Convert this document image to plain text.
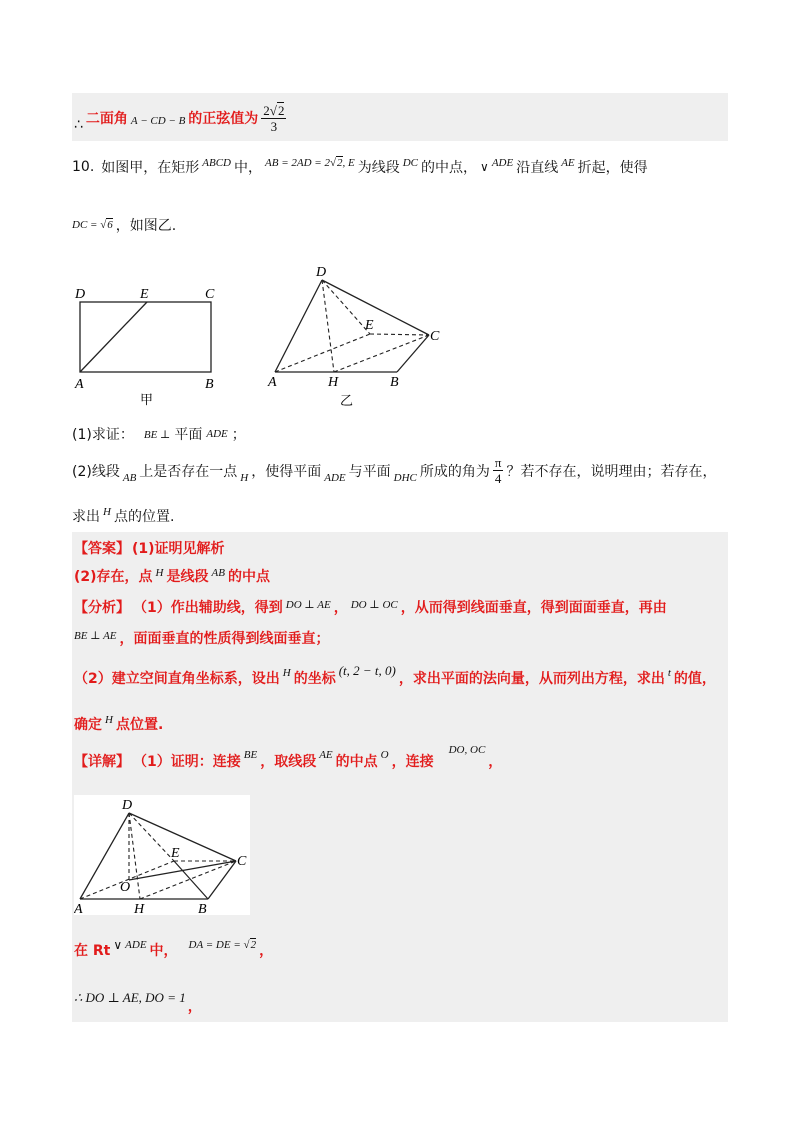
∴ 二面角 A − CD − B 的正弦值为 $\frac{2√2}{3}$
10. 如图甲，在矩形 ABCD 中， AB = 2AD = 2√2, E 为线段 DC 的中点， ∨ ADE 沿直线 AE 折起，使得
DC = √6 ，如图乙.
D	E	C
A	B
甲
D
E
C
A	H	B
乙
(1)求证： BE ⊥ 平面 ADE ；
(2)线段 AB 上是否存在一点 H ，使得平面 ADE 与平面 DHC 所成的角为 $\frac{\pi}{4}$ ？若不存在，说明理由；若存在，
求出 H 点的位置.
【答案】 (1)证明见解析
(2)存在，点 H 是线段 AB 的中点
【分析】 （1）作出辅助线，得到 DO ⊥ AE ， DO ⊥ OC ，从而得到线面垂直，得到面面垂直，再由
BE ⊥ AE ，面面垂直的性质得到线面垂直；
（2）建立空间直角坐标系，设出 H 的坐标
(t, 2 − t, 0)
，求出平面的法向量，从而列出方程，求出 t 的值，
确定 H 点位置.
【详解】 （1）证明：连接 BE ，取线段 AE 的中点 O ，连接
DO, OC
，
D
E
C
O
A	H	B
在 Rt ∨ ADE 中， DA = DE = √2 ，
∴ DO ⊥ AE, DO = 1
，
